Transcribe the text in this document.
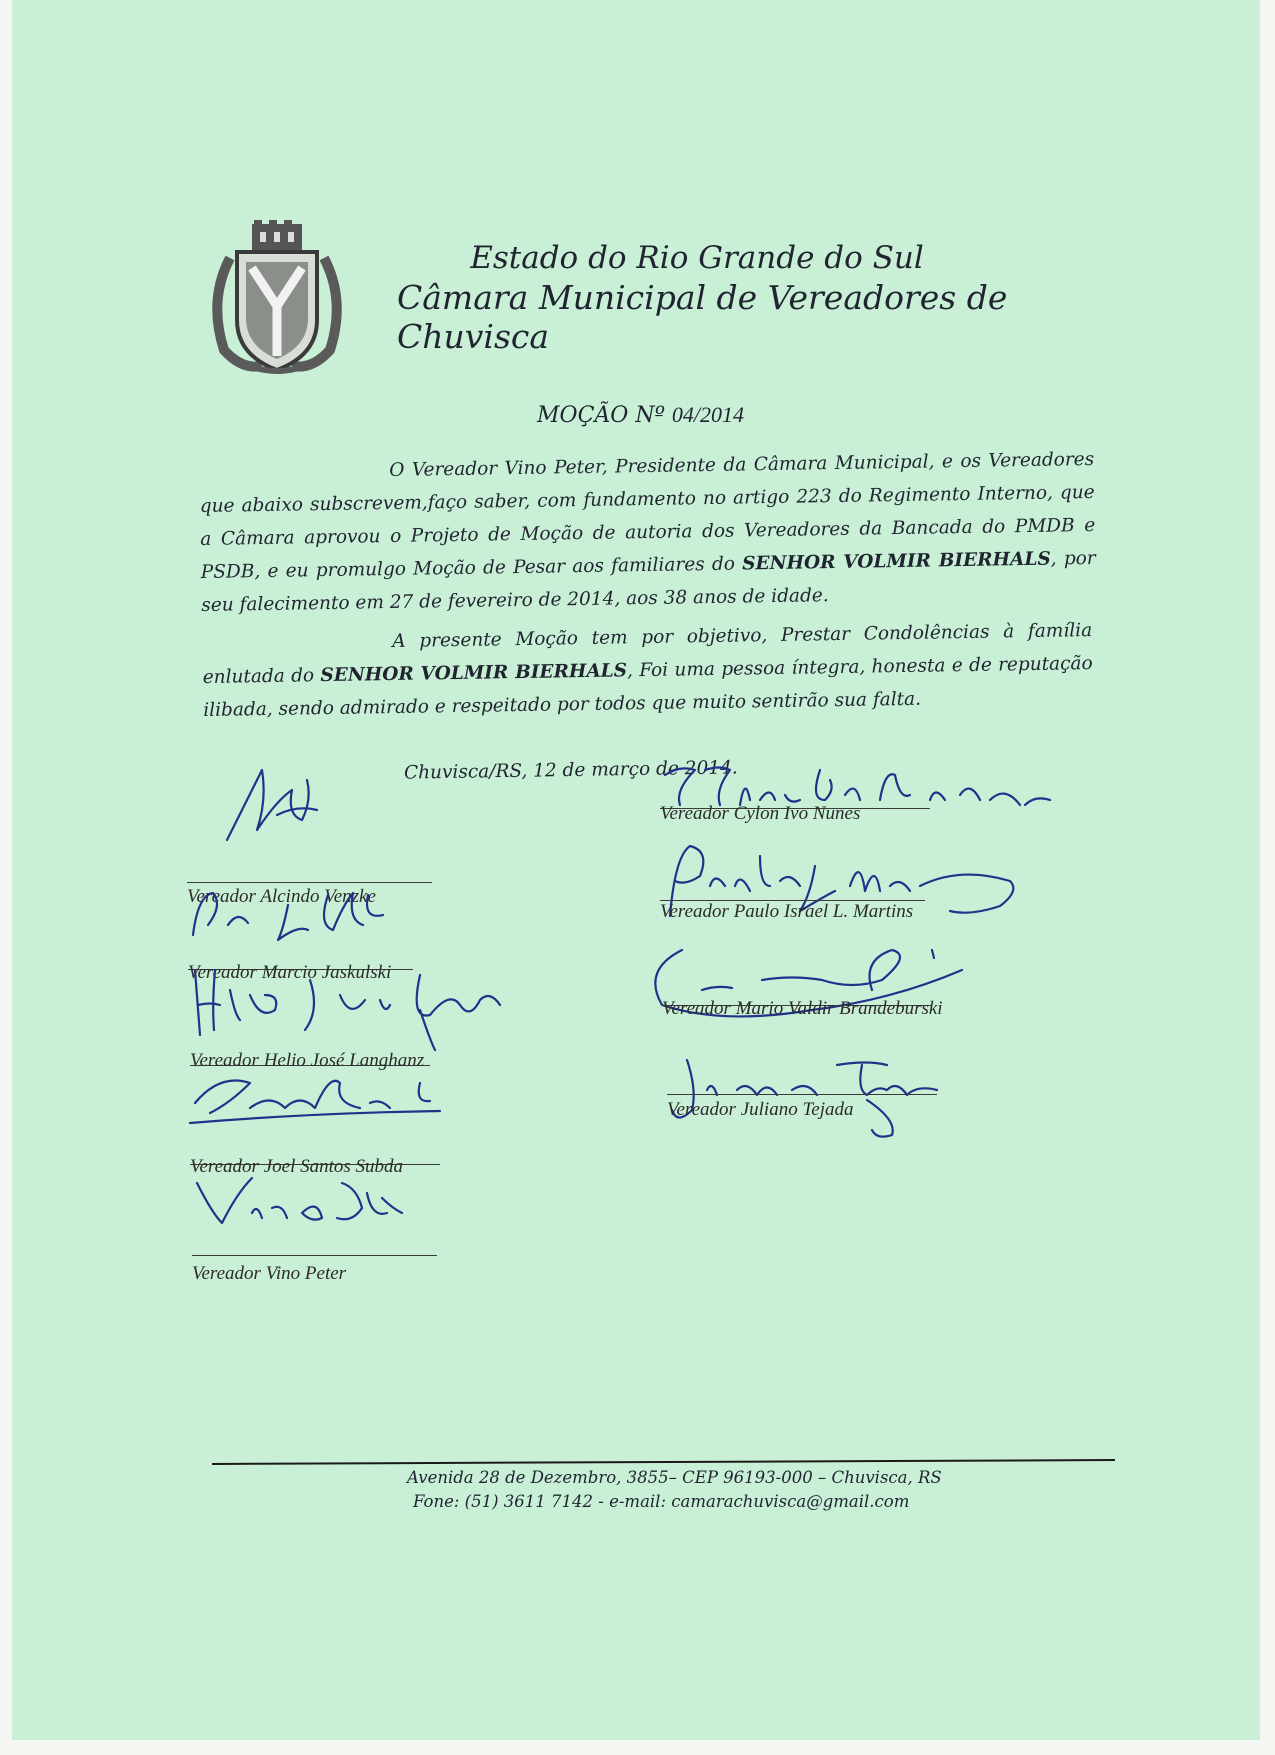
Estado do Rio Grande do Sul
Câmara Municipal de Vereadores de Chuvisca
MOÇÃO Nº 04/2014
O Vereador Vino Peter, Presidente da Câmara Municipal, e os Vereadores que abaixo subscrevem,faço saber, com fundamento no artigo 223 do Regimento Interno, que a Câmara aprovou o Projeto de Moção de autoria dos Vereadores da Bancada do PMDB e PSDB, e eu promulgo Moção de Pesar aos familiares do SENHOR VOLMIR BIERHALS, por seu falecimento em 27 de fevereiro de 2014, aos 38 anos de idade.
A presente Moção tem por objetivo, Prestar Condolências à família enlutada do SENHOR VOLMIR BIERHALS, Foi uma pessoa íntegra, honesta e de reputação ilibada, sendo admirado e respeitado por todos que muito sentirão sua falta.
Chuvisca/RS, 12 de março de 2014.
Vereador Alcindo Venzke
Vereador Marcio Jaskulski
Vereador Helio José Langhanz
Vereador Joel Santos Subda
Vereador Vino Peter
Vereador Cylon Ivo Nunes
Vereador Paulo Israel L. Martins
Vereador Mario Valdir Brandeburski
Vereador Juliano Tejada
Avenida 28 de Dezembro, 3855– CEP 96193-000 – Chuvisca, RS
Fone: (51) 3611 7142 - e-mail: camarachuvisca@gmail.com
